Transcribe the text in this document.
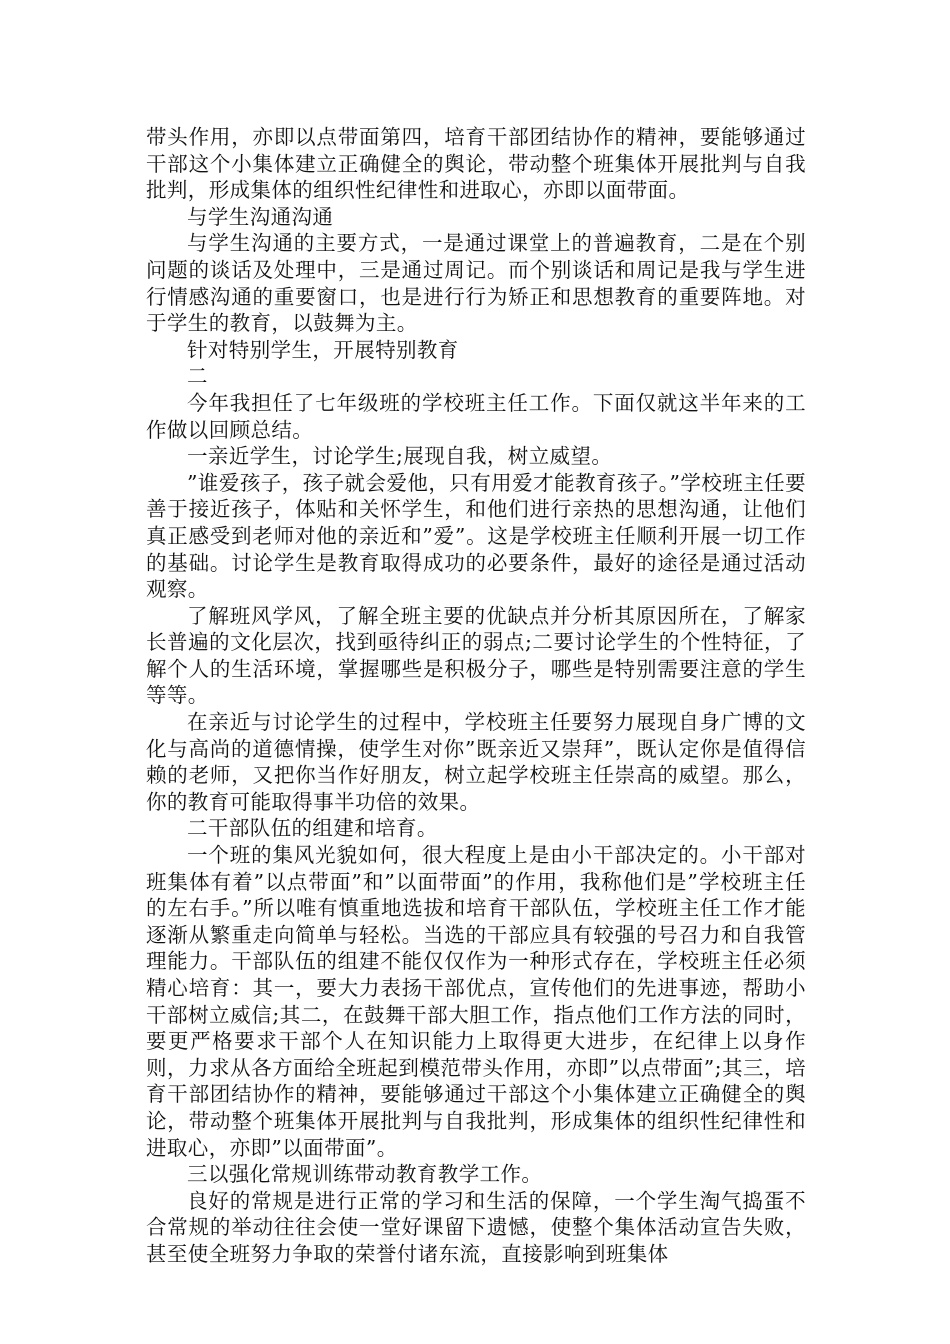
带头作用，亦即以点带面第四，培育干部团结协作的精神，要能够通过干部这个小集体建立正确健全的舆论，带动整个班集体开展批判与自我批判，形成集体的组织性纪律性和进取心，亦即以面带面。

与学生沟通沟通

与学生沟通的主要方式，一是通过课堂上的普遍教育，二是在个别问题的谈话及处理中，三是通过周记。而个别谈话和周记是我与学生进行情感沟通的重要窗口，也是进行行为矫正和思想教育的重要阵地。对于学生的教育，以鼓舞为主。

针对特别学生，开展特别教育

二

今年我担任了七年级班的学校班主任工作。下面仅就这半年来的工作做以回顾总结。

一亲近学生，讨论学生;展现自我，树立威望。

”谁爱孩子，孩子就会爱他，只有用爱才能教育孩子。”学校班主任要善于接近孩子，体贴和关怀学生，和他们进行亲热的思想沟通，让他们真正感受到老师对他的亲近和”爱”。这是学校班主任顺利开展一切工作的基础。讨论学生是教育取得成功的必要条件，最好的途径是通过活动观察。

了解班风学风，了解全班主要的优缺点并分析其原因所在，了解家长普遍的文化层次，找到亟待纠正的弱点;二要讨论学生的个性特征，了解个人的生活环境，掌握哪些是积极分子，哪些是特别需要注意的学生等等。

在亲近与讨论学生的过程中，学校班主任要努力展现自身广博的文化与高尚的道德情操，使学生对你”既亲近又崇拜”，既认定你是值得信赖的老师，又把你当作好朋友，树立起学校班主任崇高的威望。那么，你的教育可能取得事半功倍的效果。

二干部队伍的组建和培育。

一个班的集风光貌如何，很大程度上是由小干部决定的。小干部对班集体有着”以点带面”和”以面带面”的作用，我称他们是”学校班主任的左右手。”所以唯有慎重地选拔和培育干部队伍，学校班主任工作才能逐渐从繁重走向简单与轻松。当选的干部应具有较强的号召力和自我管理能力。干部队伍的组建不能仅仅作为一种形式存在，学校班主任必须精心培育：其一，要大力表扬干部优点，宣传他们的先进事迹，帮助小干部树立威信;其二，在鼓舞干部大胆工作，指点他们工作方法的同时，要更严格要求干部个人在知识能力上取得更大进步，在纪律上以身作则，力求从各方面给全班起到模范带头作用，亦即”以点带面”;其三，培育干部团结协作的精神，要能够通过干部这个小集体建立正确健全的舆论，带动整个班集体开展批判与自我批判，形成集体的组织性纪律性和进取心，亦即”以面带面”。

三以强化常规训练带动教育教学工作。

良好的常规是进行正常的学习和生活的保障，一个学生淘气捣蛋不合常规的举动往往会使一堂好课留下遗憾，使整个集体活动宣告失败，甚至使全班努力争取的荣誉付诸东流，直接影响到班集体
